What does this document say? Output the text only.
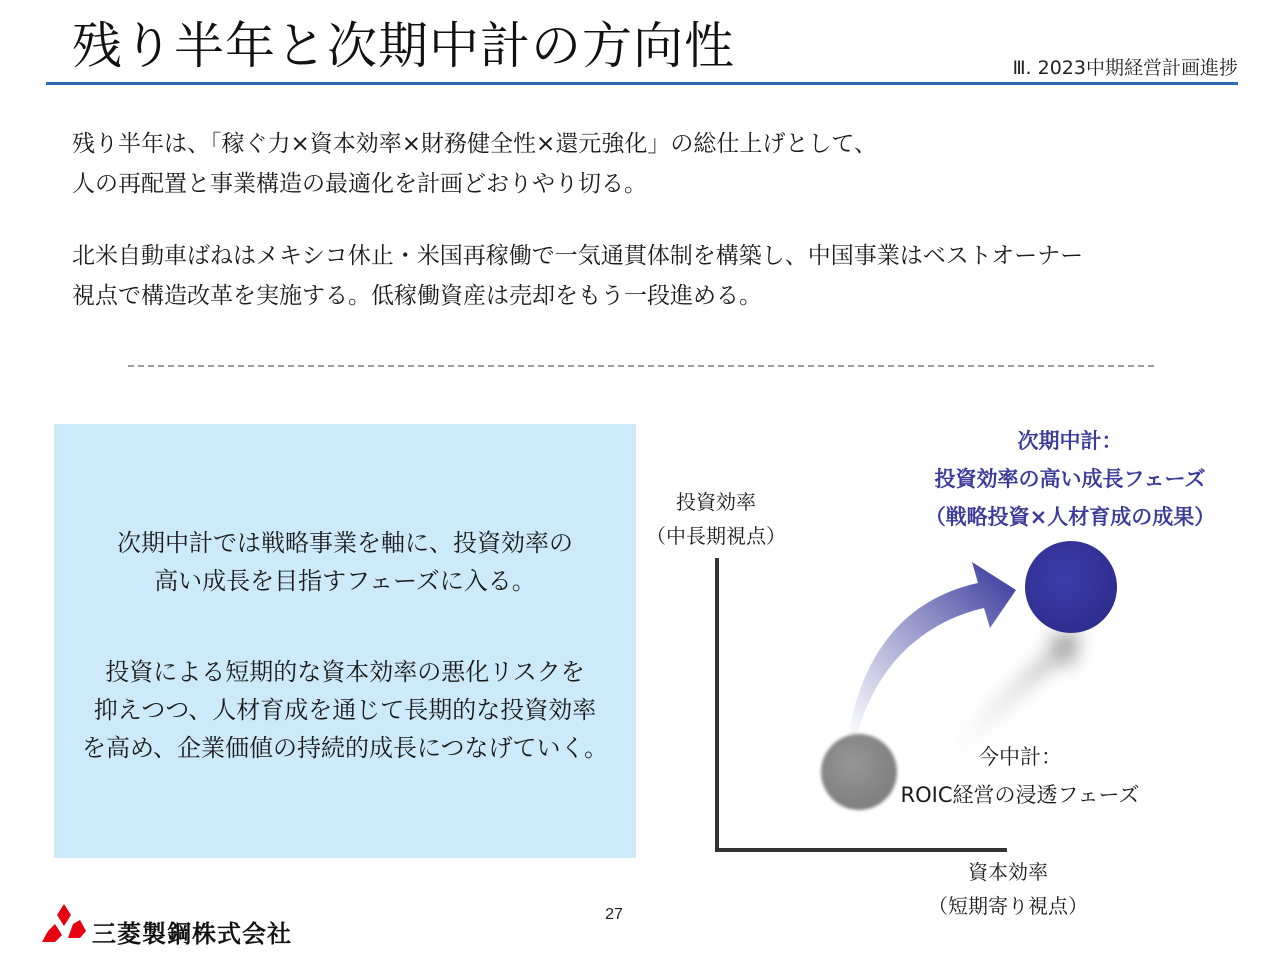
残り半年と次期中計の方向性	Ⅲ. 2023中期経営計画進捗
残り半年は、「稼ぐ力×資本効率×財務健全性×還元強化」の総仕上げとして、
人の再配置と事業構造の最適化を計画どおりやり切る。
北米自動車ばねはメキシコ休止・米国再稼働で一気通貫体制を構築し、中国事業はベストオーナー
視点で構造改革を実施する。低稼働資産は売却をもう一段進める。
次期中計では戦略事業を軸に、投資効率の
高い成長を目指すフェーズに入る。
投資による短期的な資本効率の悪化リスクを
抑えつつ、人材育成を通じて長期的な投資効率
を高め、企業価値の持続的成長につなげていく。
投資効率
（中長期視点）
資本効率
（短期寄り視点）
次期中計：
投資効率の高い成長フェーズ
（戦略投資×人材育成の成果）
今中計：
ROIC経営の浸透フェーズ
27
三菱製鋼株式会社
